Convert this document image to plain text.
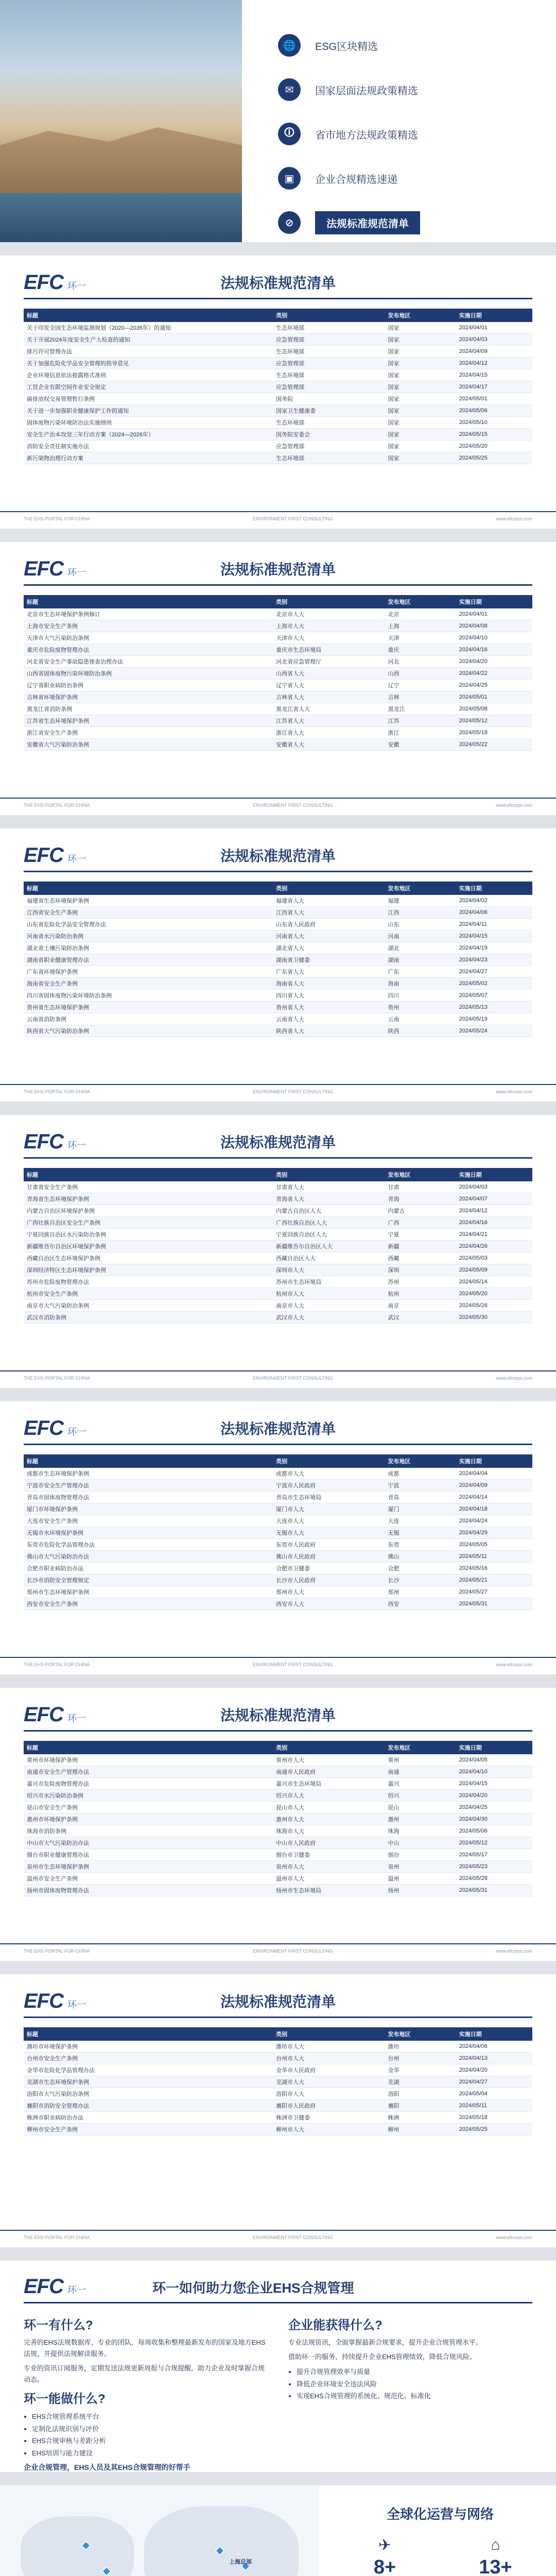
🌐	ESG区块精选
✉	国家层面法规政策精选
🛈	省市地方法规政策精选
▣	企业合规精选速递
⊘	法规标准规范清单
EFC 环一	法规标准规范清单
标题	类别	发布地区	实施日期
关于印发全国生态环境监测规划（2020—2035年）的通知	生态环境部	国家	2024/04/01
关于开展2024年度安全生产大检查的通知	应急管理部	国家	2024/04/03
排污许可管理办法	生态环境部	国家	2024/04/09
关于加强危险化学品安全管理的指导意见	应急管理部	国家	2024/04/12
企业环境信息依法披露格式准则	生态环境部	国家	2024/04/15
工贸企业有限空间作业安全规定	应急管理部	国家	2024/04/17
碳排放权交易管理暂行条例	国务院	国家	2024/05/01
关于进一步加强职业健康保护工作的通知	国家卫生健康委	国家	2024/05/06
固体废物污染环境防治法实施细则	生态环境部	国家	2024/05/10
安全生产治本攻坚三年行动方案（2024—2026年）	国务院安委会	国家	2024/05/15
消防安全责任制实施办法	应急管理部	国家	2024/05/20
新污染物治理行动方案	生态环境部	国家	2024/05/25
THE EHS PORTAL FOR CHINA	ENVIRONMENT FIRST CONSULTING	www.efcorps.com
EFC 环一	法规标准规范清单
标题	类别	发布地区	实施日期
北京市生态环境保护条例修订	北京市人大	北京	2024/04/01
上海市安全生产条例	上海市人大	上海	2024/04/08
天津市大气污染防治条例	天津市人大	天津	2024/04/10
重庆市危险废物管理办法	重庆市生态环境局	重庆	2024/04/16
河北省安全生产事故隐患排查治理办法	河北省应急管理厅	河北	2024/04/20
山西省固体废物污染环境防治条例	山西省人大	山西	2024/04/22
辽宁省职业病防治条例	辽宁省人大	辽宁	2024/04/25
吉林省环境保护条例	吉林省人大	吉林	2024/05/01
黑龙江省消防条例	黑龙江省人大	黑龙江	2024/05/08
江苏省生态环境保护条例	江苏省人大	江苏	2024/05/12
浙江省安全生产条例	浙江省人大	浙江	2024/05/18
安徽省大气污染防治条例	安徽省人大	安徽	2024/05/22
THE EHS PORTAL FOR CHINA	ENVIRONMENT FIRST CONSULTING	www.efcorps.com
EFC 环一	法规标准规范清单
标题	类别	发布地区	实施日期
福建省生态环境保护条例	福建省人大	福建	2024/04/02
江西省安全生产条例	江西省人大	江西	2024/04/06
山东省危险化学品安全管理办法	山东省人民政府	山东	2024/04/11
河南省水污染防治条例	河南省人大	河南	2024/04/15
湖北省土壤污染防治条例	湖北省人大	湖北	2024/04/19
湖南省职业健康管理办法	湖南省卫健委	湖南	2024/04/23
广东省环境保护条例	广东省人大	广东	2024/04/27
海南省安全生产条例	海南省人大	海南	2024/05/02
四川省固体废物污染环境防治条例	四川省人大	四川	2024/05/07
贵州省生态环境保护条例	贵州省人大	贵州	2024/05/13
云南省消防条例	云南省人大	云南	2024/05/19
陕西省大气污染防治条例	陕西省人大	陕西	2024/05/24
THE EHS PORTAL FOR CHINA	ENVIRONMENT FIRST CONSULTING	www.efcorps.com
EFC 环一	法规标准规范清单
标题	类别	发布地区	实施日期
甘肃省安全生产条例	甘肃省人大	甘肃	2024/04/03
青海省生态环境保护条例	青海省人大	青海	2024/04/07
内蒙古自治区环境保护条例	内蒙古自治区人大	内蒙古	2024/04/12
广西壮族自治区安全生产条例	广西壮族自治区人大	广西	2024/04/16
宁夏回族自治区水污染防治条例	宁夏回族自治区人大	宁夏	2024/04/21
新疆维吾尔自治区环境保护条例	新疆维吾尔自治区人大	新疆	2024/04/26
西藏自治区生态环境保护条例	西藏自治区人大	西藏	2024/05/03
深圳经济特区生态环境保护条例	深圳市人大	深圳	2024/05/09
苏州市危险废物管理办法	苏州市生态环境局	苏州	2024/05/14
杭州市安全生产条例	杭州市人大	杭州	2024/05/20
南京市大气污染防治条例	南京市人大	南京	2024/05/26
武汉市消防条例	武汉市人大	武汉	2024/05/30
THE EHS PORTAL FOR CHINA	ENVIRONMENT FIRST CONSULTING	www.efcorps.com
EFC 环一	法规标准规范清单
标题	类别	发布地区	实施日期
成都市生态环境保护条例	成都市人大	成都	2024/04/04
宁波市安全生产管理办法	宁波市人民政府	宁波	2024/04/09
青岛市固体废物管理办法	青岛市生态环境局	青岛	2024/04/14
厦门市环境保护条例	厦门市人大	厦门	2024/04/18
大连市安全生产条例	大连市人大	大连	2024/04/24
无锡市水环境保护条例	无锡市人大	无锡	2024/04/29
东莞市危险化学品管理办法	东莞市人民政府	东莞	2024/05/05
佛山市大气污染防治办法	佛山市人民政府	佛山	2024/05/11
合肥市职业病防治办法	合肥市卫健委	合肥	2024/05/16
长沙市消防安全管理规定	长沙市人民政府	长沙	2024/05/21
郑州市生态环境保护条例	郑州市人大	郑州	2024/05/27
西安市安全生产条例	西安市人大	西安	2024/05/31
THE EHS PORTAL FOR CHINA	ENVIRONMENT FIRST CONSULTING	www.efcorps.com
EFC 环一	法规标准规范清单
标题	类别	发布地区	实施日期
常州市环境保护条例	常州市人大	常州	2024/04/05
南通市安全生产管理办法	南通市人民政府	南通	2024/04/10
嘉兴市危险废物管理办法	嘉兴市生态环境局	嘉兴	2024/04/15
绍兴市水污染防治条例	绍兴市人大	绍兴	2024/04/20
昆山市安全生产条例	昆山市人大	昆山	2024/04/25
惠州市环境保护条例	惠州市人大	惠州	2024/04/30
珠海市消防条例	珠海市人大	珠海	2024/05/06
中山市大气污染防治办法	中山市人民政府	中山	2024/05/12
烟台市职业健康管理办法	烟台市卫健委	烟台	2024/05/17
泉州市生态环境保护条例	泉州市人大	泉州	2024/05/23
温州市安全生产条例	温州市人大	温州	2024/05/28
扬州市固体废物管理办法	扬州市生态环境局	扬州	2024/05/31
THE EHS PORTAL FOR CHINA	ENVIRONMENT FIRST CONSULTING	www.efcorps.com
EFC 环一	法规标准规范清单
标题	类别	发布地区	实施日期
潍坊市环境保护条例	潍坊市人大	潍坊	2024/04/06
台州市安全生产条例	台州市人大	台州	2024/04/13
金华市危险化学品管理办法	金华市人民政府	金华	2024/04/20
芜湖市生态环境保护条例	芜湖市人大	芜湖	2024/04/27
洛阳市大气污染防治条例	洛阳市人大	洛阳	2024/05/04
襄阳市消防安全管理办法	襄阳市人民政府	襄阳	2024/05/11
株洲市职业病防治办法	株洲市卫健委	株洲	2024/05/18
柳州市安全生产条例	柳州市人大	柳州	2024/05/25
THE EHS PORTAL FOR CHINA	ENVIRONMENT FIRST CONSULTING	www.efcorps.com
EFC 环一	环一如何助力您企业EHS合规管理
环一有什么?

完善的EHS法规数据库，专业的团队，每周收集和整理最新发布的国家及地方EHS法规，并提供法规解读服务。

专业的资讯订阅服务，定期发送法规更新周报与合规提醒，助力企业及时掌握合规动态。

环一能做什么?
• EHS合规管理系统平台
• 定制化法规识别与评价
• EHS合规审核与差距分析
• EHS培训与能力建设
企业合规管理，EHS人员及其EHS合规管理的好帮手
企业能获得什么?

专业法规资讯，全面掌握最新合规要求，提升企业合规管理水平。

借助环一的服务，持续提升企业EHS管理绩效，降低合规风险。

• 提升合规管理效率与质量
• 降低企业环境安全违法风险
• 实现EHS合规管理的系统化、规范化、标准化
上海总部
全球化运营与网络
✈
8+
⌂
13+
